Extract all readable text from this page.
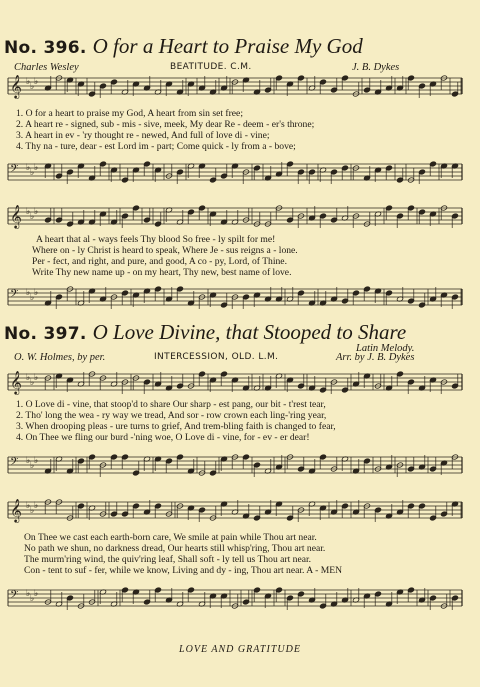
No. 396. O for a Heart to Praise My God
Charles Wesley	BEATITUDE. C.M.	J. B. Dykes
𝄞 ♭ ♭ ♭
1. O for a heart to praise my God, A heart from sin set free;
2. A heart re - signed, sub - mis - sive, meek, My dear Re - deem - er's throne;
3. A heart in ev - 'ry thought re - newed, And full of love di - vine;
4. Thy na - ture, dear - est Lord im - part; Come quick - ly from a - bove;
𝄢 ♭ ♭ ♭
𝄞 ♭ ♭ ♭
A heart that al - ways feels Thy blood So free - ly spilt for me!
Where on - ly Christ is heard to speak, Where Je - sus reigns a - lone.
Per - fect, and right, and pure, and good, A co - py, Lord, of Thine.
Write Thy new name up - on my heart, Thy new, best name of love.
𝄢 ♭ ♭ ♭
No. 397. O Love Divine, that Stooped to Share
Latin Melody.
O. W. Holmes, by per.	INTERCESSION, OLD. L.M.	Arr. by J. B. Dykes
𝄞 ♭ ♭ ♭
1. O Love di - vine, that stoop'd to share Our sharp - est pang, our bit - t'rest tear,
2. Tho' long the wea - ry way we tread, And sor - row crown each ling-'ring year,
3. When drooping pleas - ure turns to grief, And trem-bling faith is changed to fear,
4. On Thee we fling our burd -'ning woe, O Love di - vine, for - ev - er dear!
𝄢 ♭ ♭ ♭
𝄞 ♭ ♭ ♭
On Thee we cast each earth-born care, We smile at pain while Thou art near.
No path we shun, no darkness dread, Our hearts still whisp'ring, Thou art near.
The murm'ring wind, the quiv'ring leaf, Shall soft - ly tell us Thou art near.
Con - tent to suf - fer, while we know, Living and dy - ing, Thou art near. A - MEN
𝄢 ♭ ♭ ♭
LOVE AND GRATITUDE
